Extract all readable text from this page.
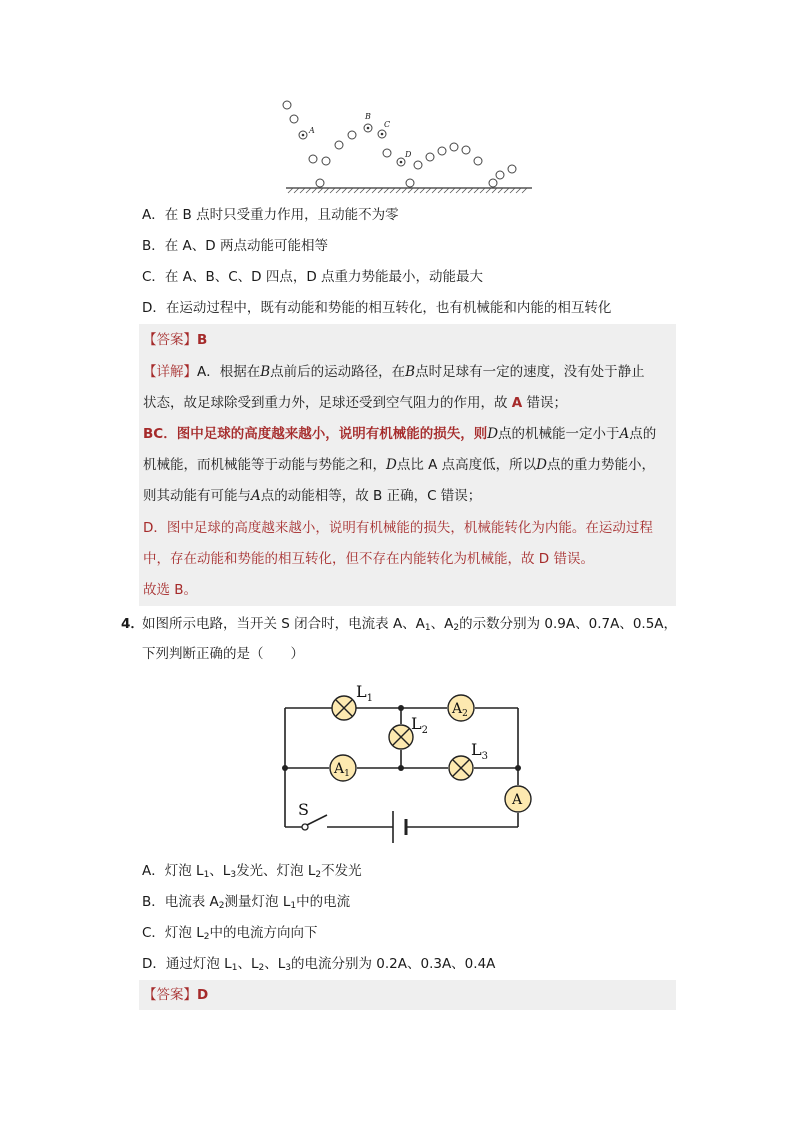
A
B
C
D
A．在 B 点时只受重力作用，且动能不为零
B．在 A、D 两点动能可能相等
C．在 A、B、C、D 四点，D 点重力势能最小，动能最大
D．在运动过程中，既有动能和势能的相互转化，也有机械能和内能的相互转化
【答案】B
【详解】A．根据在B点前后的运动路径，在B点时足球有一定的速度，没有处于静止
状态，故足球除受到重力外，足球还受到空气阻力的作用，故 A 错误；
BC．图中足球的高度越来越小，说明有机械能的损失，则D点的机械能一定小于A点的
机械能，而机械能等于动能与势能之和，D点比 A 点高度低，所以D点的重力势能小，
则其动能有可能与A点的动能相等，故 B 正确，C 错误；
D．图中足球的高度越来越小，说明有机械能的损失，机械能转化为内能。在运动过程
中，存在动能和势能的相互转化，但不存在内能转化为机械能，故 D 错误。
故选 B。
4．
如图所示电路，当开关 S 闭合时，电流表 A、$A_1$、$A_2$的示数分别为 0.9A、0.7A、0.5A，
下列判断正确的是（　　）
$L_1$
$L_2$
$L_3$
$A_2$
$A_1$
A
S
A．灯泡 $L_1$、$L_3$发光、灯泡 $L_2$不发光
B．电流表 $A_2$测量灯泡 $L_1$中的电流
C．灯泡 $L_2$中的电流方向向下
D．通过灯泡 $L_1$、$L_2$、$L_3$的电流分别为 0.2A、0.3A、0.4A
【答案】D
